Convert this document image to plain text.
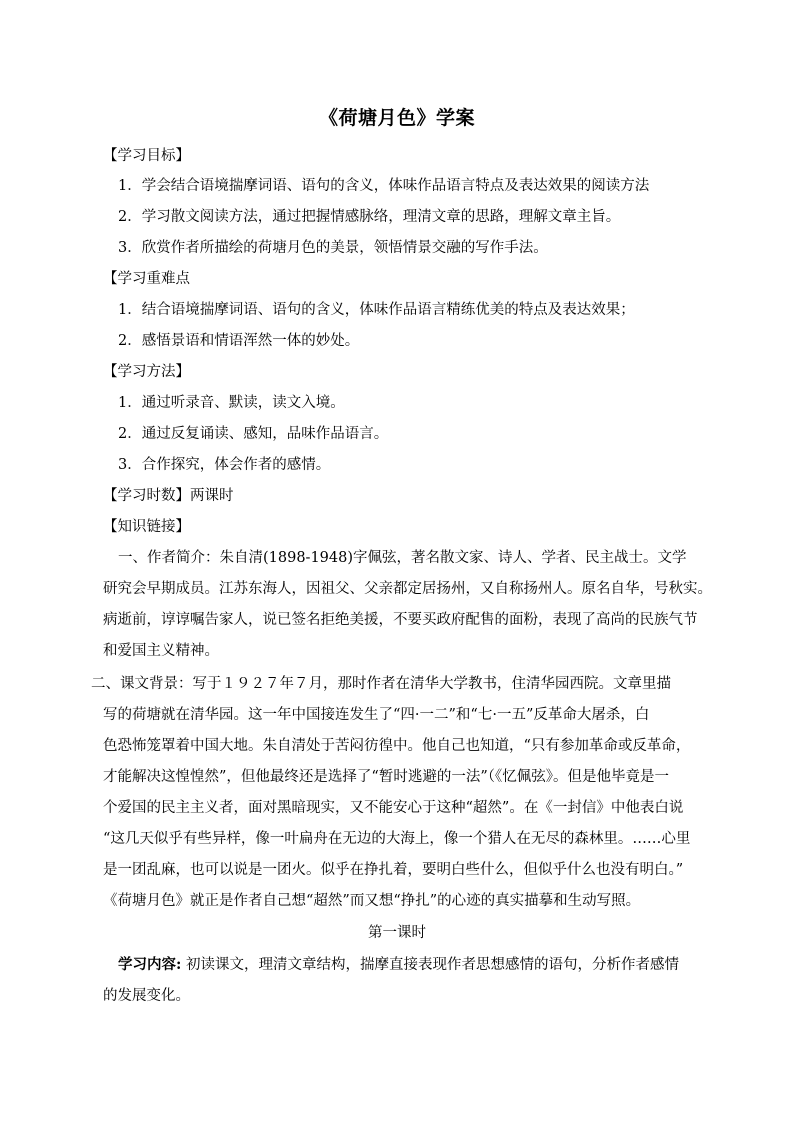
《荷塘月色》学案
【学习目标】
1．学会结合语境揣摩词语、语句的含义，体味作品语言特点及表达效果的阅读方法
2．学习散文阅读方法，通过把握情感脉络，理清文章的思路，理解文章主旨。
3．欣赏作者所描绘的荷塘月色的美景，领悟情景交融的写作手法。
【学习重难点
1．结合语境揣摩词语、语句的含义，体味作品语言精练优美的特点及表达效果；
2．感悟景语和情语浑然一体的妙处。
【学习方法】
1．通过听录音、默读，读文入境。
2．通过反复诵读、感知，品味作品语言。
3．合作探究，体会作者的感情。
【学习时数】两课时
【知识链接】
一、作者简介：朱自清(1898-1948)字佩弦，著名散文家、诗人、学者、民主战士。文学
研究会早期成员。江苏东海人，因祖父、父亲都定居扬州，又自称扬州人。原名自华，号秋实。
病逝前，谆谆嘱告家人，说已签名拒绝美援，不要买政府配售的面粉，表现了高尚的民族气节
和爱国主义精神。
二、课文背景：写于１９２７年７月，那时作者在清华大学教书，住清华园西院。文章里描
写的荷塘就在清华园。这一年中国接连发生了“四·一二”和“七·一五”反革命大屠杀，白
色恐怖笼罩着中国大地。朱自清处于苦闷彷徨中。他自己也知道，“只有参加革命或反革命，
才能解决这惶惶然”，但他最终还是选择了“暂时逃避的一法”（《忆佩弦》。但是他毕竟是一
个爱国的民主主义者，面对黑暗现实，又不能安心于这种“超然”。在《一封信》中他表白说
“这几天似乎有些异样，像一叶扁舟在无边的大海上，像一个猎人在无尽的森林里。……心里
是一团乱麻，也可以说是一团火。似乎在挣扎着，要明白些什么，但似乎什么也没有明白。”
《荷塘月色》就正是作者自己想“超然”而又想“挣扎”的心迹的真实描摹和生动写照。
第一课时
学习内容: 初读课文，理清文章结构，揣摩直接表现作者思想感情的语句，分析作者感情
的发展变化。
